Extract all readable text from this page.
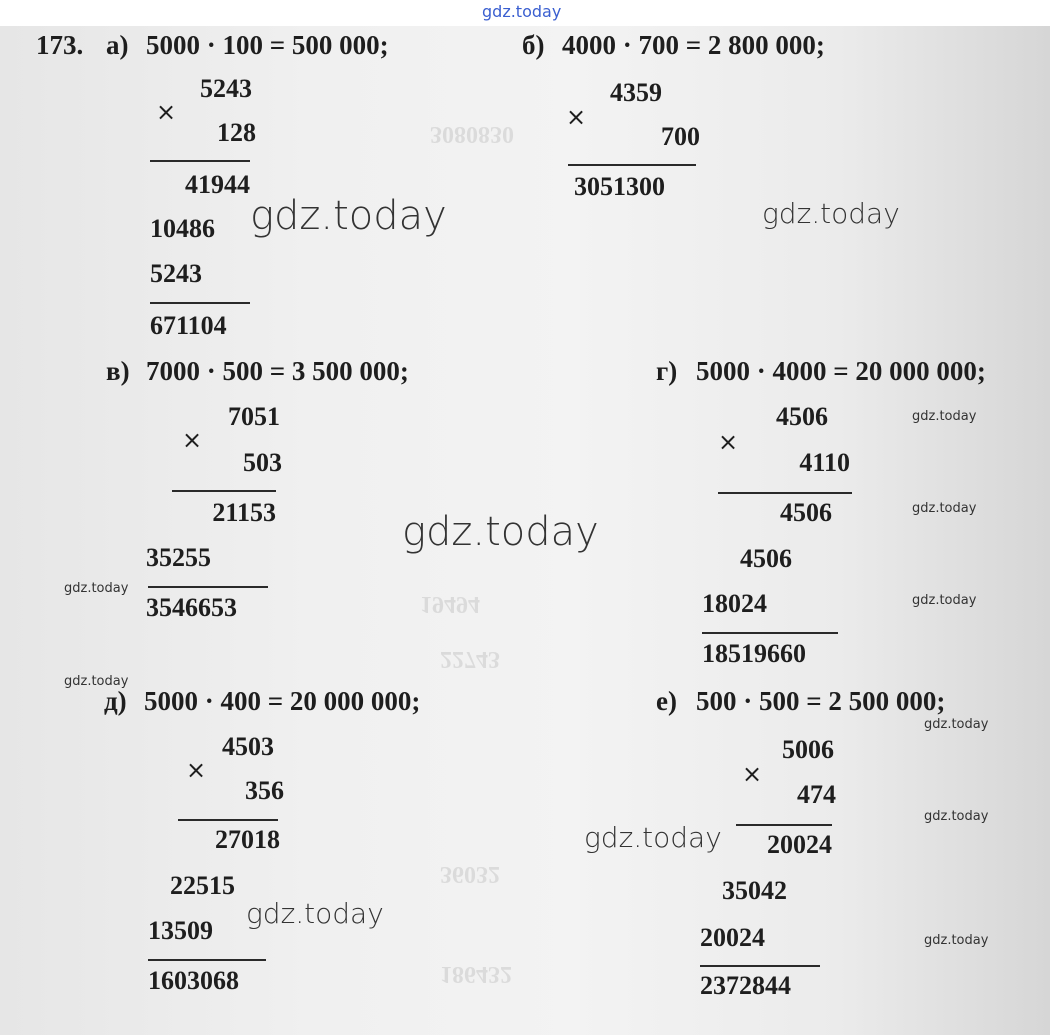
gdz.today
3080830
19494
22743
36032
186432
173. а) 5000 · 100 = 500 000;
×
5243
128
41944
10486
5243
671104
б) 4000 · 700 = 2 800 000;
×
4359
700
3051300
в) 7000 · 500 = 3 500 000;
×
7051
503
21153
35255
3546653
г) 5000 · 4000 = 20 000 000;
×
4506
4110
4506
4506
18024
18519660
д) 5000 · 400 = 20 000 000;
×
4503
356
27018
22515
13509
1603068
е) 500 · 500 = 2 500 000;
×
5006
474
20024
35042
20024
2372844
gdz.today	gdz.today
gdz.today
gdz.today
gdz.today
gdz.today
gdz.today
gdz.today
gdz.today
gdz.today
gdz.today
gdz.today
gdz.today
